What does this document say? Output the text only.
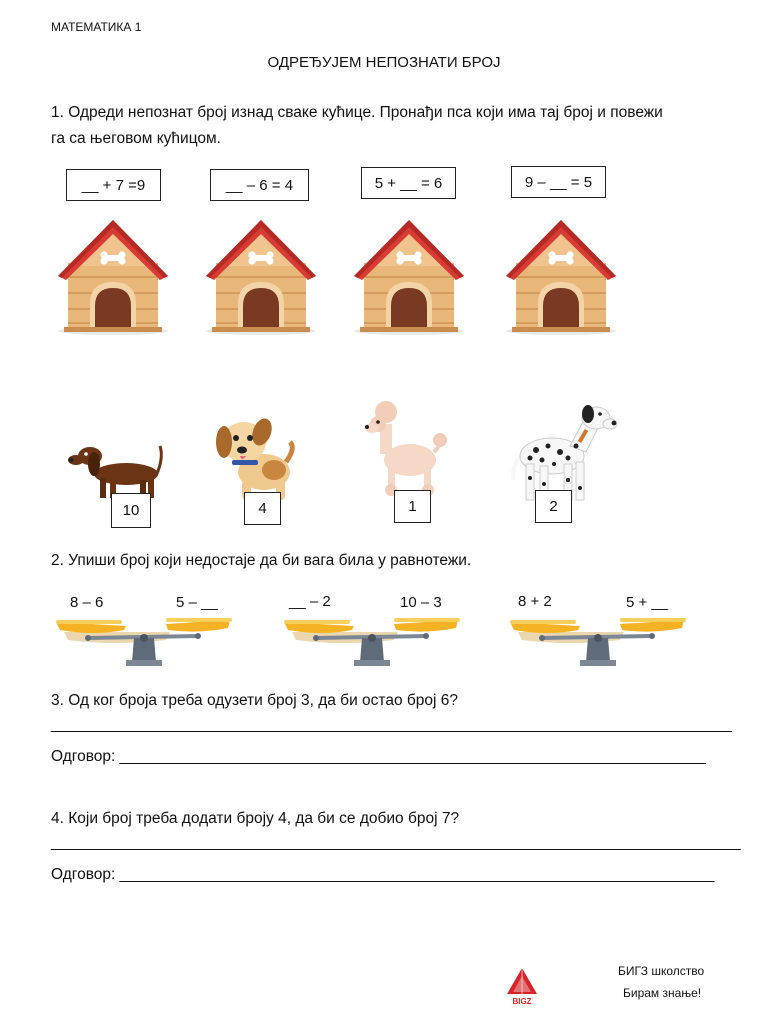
МАТЕМАТИКА 1
ОДРЕЂУЈЕМ НЕПОЗНАТИ БРОЈ
1. Одреди непознат број изнад сваке кућице. Пронађи пса који има тај број и повежи
га са његовом кућицом.
__ + 7 =9	__ – 6 = 4	5 + __ = 6	9 – __ = 5
10	4	1	2
2. Упиши број који недостаје да би вага била у равнотежи.
8 – 6	5 – __	__ – 2	10 – 3	8 + 2	5 + __
3. Од ког броја треба одузети број 3, да би остао број 6?
_______________________________________________________________________________
Одговор: ____________________________________________________________________
4. Који број треба додати броју 4, да би се добио број 7?
________________________________________________________________________________
Одговор: _____________________________________________________________________
BIGZ
БИГЗ школство
Бирам знање!
